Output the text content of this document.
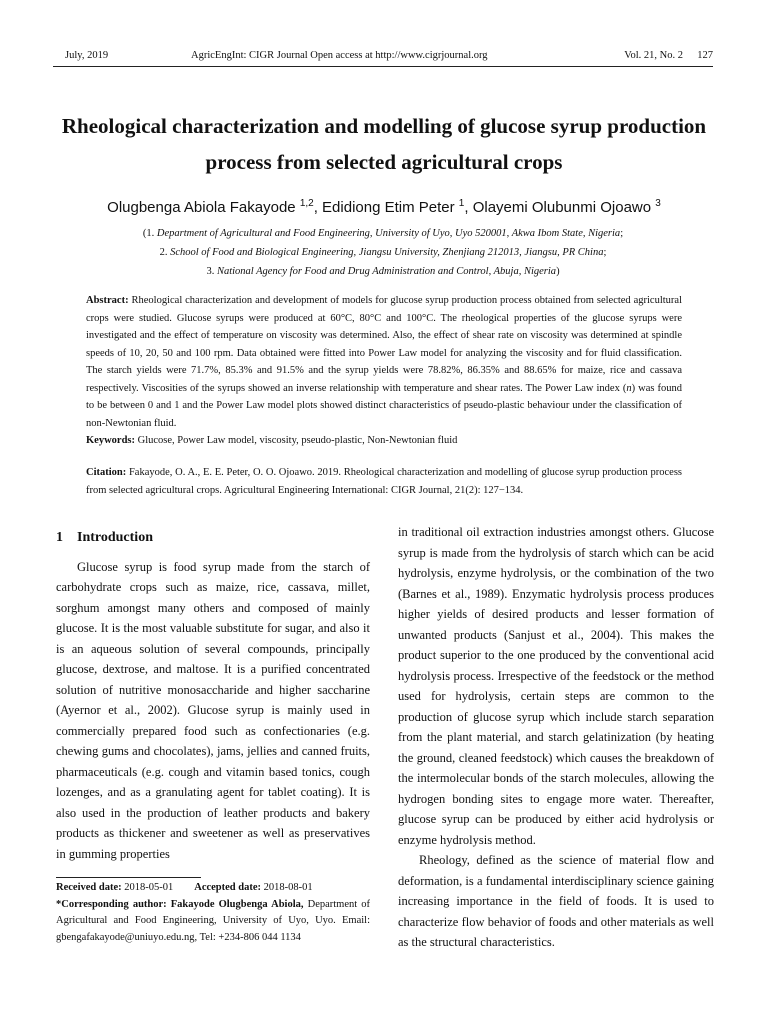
July, 2019	AgricEngInt: CIGR Journal Open access at http://www.cigrjournal.org	Vol. 21, No. 2 127
Rheological characterization and modelling of glucose syrup production process from selected agricultural crops
Olugbenga Abiola Fakayode $^{1,2}$, Edidiong Etim Peter $^1$, Olayemi Olubunmi Ojoawo $^3$
(1. Department of Agricultural and Food Engineering, University of Uyo, Uyo 520001, Akwa Ibom State, Nigeria;
2. School of Food and Biological Engineering, Jiangsu University, Zhenjiang 212013, Jiangsu, PR China;
3. National Agency for Food and Drug Administration and Control, Abuja, Nigeria)
Abstract: Rheological characterization and development of models for glucose syrup production process obtained from selected agricultural crops were studied. Glucose syrups were produced at 60°C, 80°C and 100°C. The rheological properties of the glucose syrups were investigated and the effect of temperature on viscosity was determined. Also, the effect of shear rate on viscosity was determined at spindle speeds of 10, 20, 50 and 100 rpm. Data obtained were fitted into Power Law model for analyzing the viscosity and for fluid classification. The starch yields were 71.7%, 85.3% and 91.5% and the syrup yields were 78.82%, 86.35% and 88.65% for maize, rice and cassava respectively. Viscosities of the syrups showed an inverse relationship with temperature and shear rates. The Power Law index (n) was found to be between 0 and 1 and the Power Law model plots showed distinct characteristics of pseudo-plastic behaviour under the classification of non-Newtonian fluid.
Keywords: Glucose, Power Law model, viscosity, pseudo-plastic, Non-Newtonian fluid
Citation: Fakayode, O. A., E. E. Peter, O. O. Ojoawo. 2019. Rheological characterization and modelling of glucose syrup production process from selected agricultural crops. Agricultural Engineering International: CIGR Journal, 21(2): 127−134.
1    Introduction

Glucose syrup is food syrup made from the starch of carbohydrate crops such as maize, rice, cassava, millet, sorghum amongst many others and composed of mainly glucose. It is the most valuable substitute for sugar, and also it is an aqueous solution of several compounds, principally glucose, dextrose, and maltose. It is a purified concentrated solution of nutritive monosaccharide and higher saccharine (Ayernor et al., 2002). Glucose syrup is mainly used in commercially prepared food such as confectionaries (e.g. chewing gums and chocolates), jams, jellies and canned fruits, pharmaceuticals (e.g. cough and vitamin based tonics, cough lozenges, and as a granulating agent for tablet coating). It is also used in the production of leather products and bakery products as thickener and sweetener as well as preservatives in gumming properties

in traditional oil extraction industries amongst others. Glucose syrup is made from the hydrolysis of starch which can be acid hydrolysis, enzyme hydrolysis, or the combination of the two (Barnes et al., 1989). Enzymatic hydrolysis process produces higher yields of desired products and lesser formation of unwanted products (Sanjust et al., 2004). This makes the product superior to the one produced by the conventional acid hydrolysis process. Irrespective of the feedstock or the method used for hydrolysis, certain steps are common to the production of glucose syrup which include starch separation from the plant material, and starch gelatinization (by heating the ground, cleaned feedstock) which causes the breakdown of the intermolecular bonds of the starch molecules, allowing the hydrogen bonding sites to engage more water. Thereafter, glucose syrup can be produced by either acid hydrolysis or enzyme hydrolysis method.

Rheology, defined as the science of material flow and deformation, is a fundamental interdisciplinary science gaining increasing importance in the field of foods. It is used to characterize flow behavior of foods and other materials as well as the structural characteristics.

Received date: 2018-05-01 Accepted date: 2018-08-01
*Corresponding author: Fakayode Olugbenga Abiola, Department of Agricultural and Food Engineering, University of Uyo, Uyo. Email: gbengafakayode@uniuyo.edu.ng, Tel: +234-806 044 1134
